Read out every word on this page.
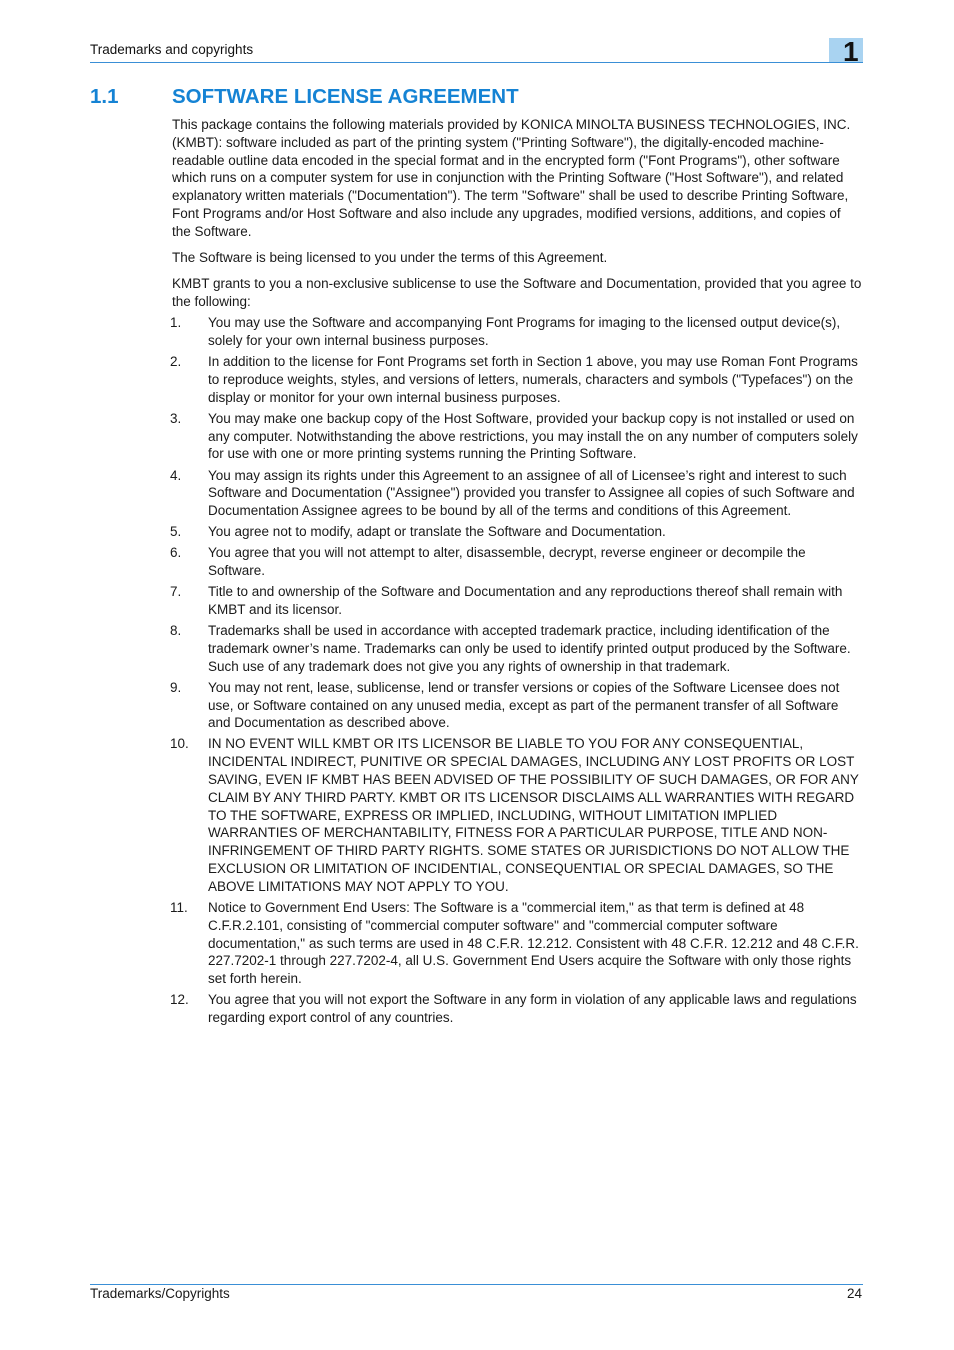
Trademarks and copyrights	1
1.1	SOFTWARE LICENSE AGREEMENT

This package contains the following materials provided by KONICA MINOLTA BUSINESS TECHNOLOGIES, INC. (KMBT): software included as part of the printing system ("Printing Software"), the digitally-encoded machine-readable outline data encoded in the special format and in the encrypted form ("Font Programs"), other software which runs on a computer system for use in conjunction with the Printing Software ("Host Software"), and related explanatory written materials ("Documentation"). The term "Software" shall be used to describe Printing Software, Font Programs and/or Host Software and also include any upgrades, modified versions, additions, and copies of the Software.

The Software is being licensed to you under the terms of this Agreement.

KMBT grants to you a non-exclusive sublicense to use the Software and Documentation, provided that you agree to the following:

1. You may use the Software and accompanying Font Programs for imaging to the licensed output device(s), solely for your own internal business purposes.
2. In addition to the license for Font Programs set forth in Section 1 above, you may use Roman Font Programs to reproduce weights, styles, and versions of letters, numerals, characters and symbols ("Typefaces") on the display or monitor for your own internal business purposes.
3. You may make one backup copy of the Host Software, provided your backup copy is not installed or used on any computer. Notwithstanding the above restrictions, you may install the on any number of computers solely for use with one or more printing systems running the Printing Software.
4. You may assign its rights under this Agreement to an assignee of all of Licensee’s right and interest to such Software and Documentation ("Assignee") provided you transfer to Assignee all copies of such Software and Documentation Assignee agrees to be bound by all of the terms and conditions of this Agreement.
5. You agree not to modify, adapt or translate the Software and Documentation.
6. You agree that you will not attempt to alter, disassemble, decrypt, reverse engineer or decompile the Software.
7. Title to and ownership of the Software and Documentation and any reproductions thereof shall remain with KMBT and its licensor.
8. Trademarks shall be used in accordance with accepted trademark practice, including identification of the trademark owner’s name. Trademarks can only be used to identify printed output produced by the Software. Such use of any trademark does not give you any rights of ownership in that trademark.
9. You may not rent, lease, sublicense, lend or transfer versions or copies of the Software Licensee does not use, or Software contained on any unused media, except as part of the permanent transfer of all Software and Documentation as described above.
10. IN NO EVENT WILL KMBT OR ITS LICENSOR BE LIABLE TO YOU FOR ANY CONSEQUENTIAL, INCIDENTAL INDIRECT, PUNITIVE OR SPECIAL DAMAGES, INCLUDING ANY LOST PROFITS OR LOST SAVING, EVEN IF KMBT HAS BEEN ADVISED OF THE POSSIBILITY OF SUCH DAMAGES, OR FOR ANY CLAIM BY ANY THIRD PARTY. KMBT OR ITS LICENSOR DISCLAIMS ALL WARRANTIES WITH REGARD TO THE SOFTWARE, EXPRESS OR IMPLIED, INCLUDING, WITHOUT LIMITATION IMPLIED WARRANTIES OF MERCHANTABILITY, FITNESS FOR A PARTICULAR PURPOSE, TITLE AND NON-INFRINGEMENT OF THIRD PARTY RIGHTS. SOME STATES OR JURISDICTIONS DO NOT ALLOW THE EXCLUSION OR LIMITATION OF INCIDENTIAL, CONSEQUENTIAL OR SPECIAL DAMAGES, SO THE ABOVE LIMITATIONS MAY NOT APPLY TO YOU.
11. Notice to Government End Users: The Software is a "commercial item," as that term is defined at 48 C.F.R.2.101, consisting of "commercial computer software" and "commercial computer software documentation," as such terms are used in 48 C.F.R. 12.212. Consistent with 48 C.F.R. 12.212 and 48 C.F.R. 227.7202-1 through 227.7202-4, all U.S. Government End Users acquire the Software with only those rights set forth herein.
12. You agree that you will not export the Software in any form in violation of any applicable laws and regulations regarding export control of any countries.
Trademarks/Copyrights	24
